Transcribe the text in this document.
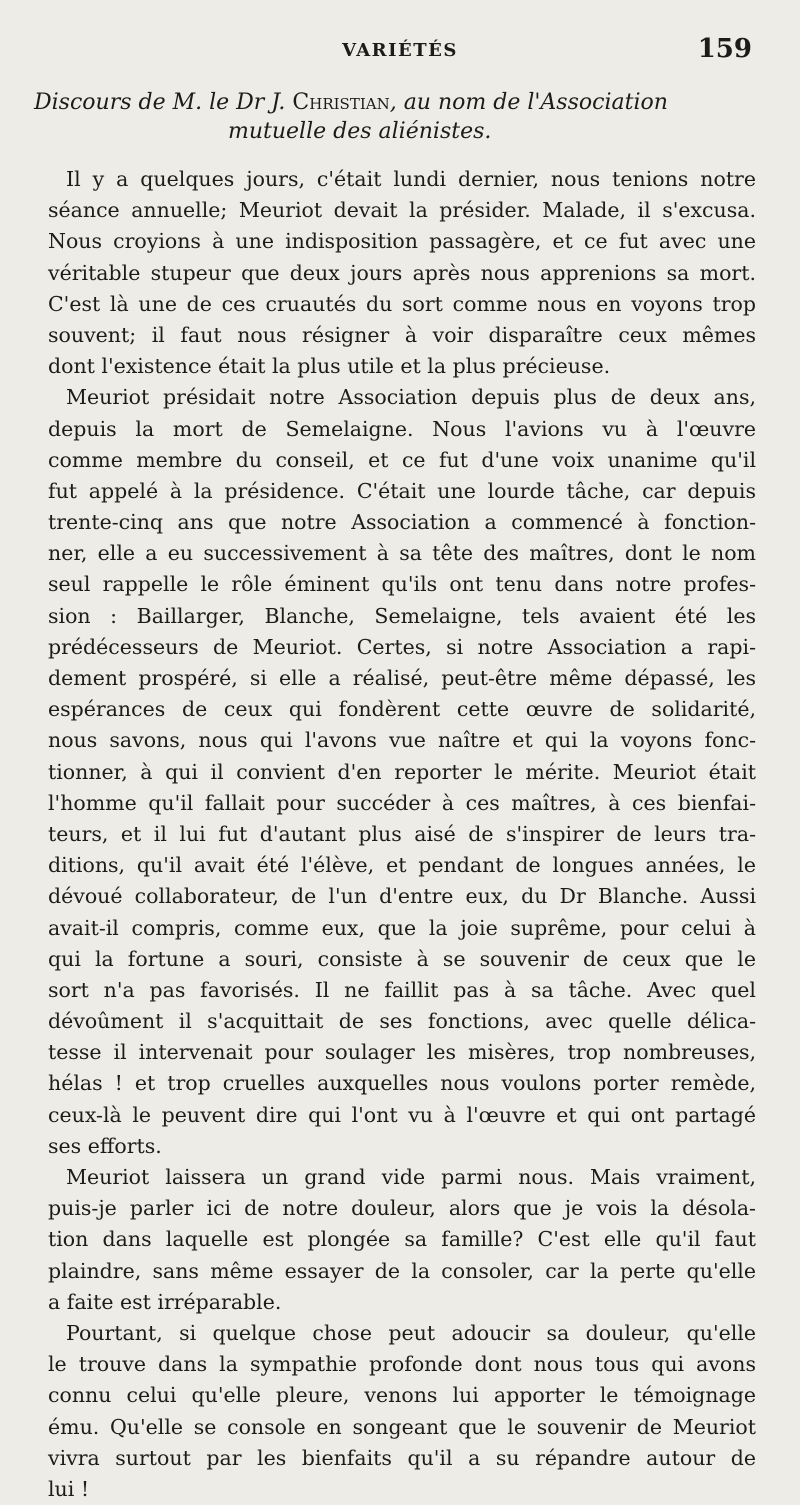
VARIÉTÉS	159
Discours de M. le Dr J. Christian, au nom de l'Association
mutuelle des aliénistes.
Il y a quelques jours, c'était lundi dernier, nous tenions notre
séance annuelle; Meuriot devait la présider. Malade, il s'excusa.
Nous croyions à une indisposition passagère, et ce fut avec une
véritable stupeur que deux jours après nous apprenions sa mort.
C'est là une de ces cruautés du sort comme nous en voyons trop
souvent; il faut nous résigner à voir disparaître ceux mêmes
dont l'existence était la plus utile et la plus précieuse.
Meuriot présidait notre Association depuis plus de deux ans,
depuis la mort de Semelaigne. Nous l'avions vu à l'œuvre
comme membre du conseil, et ce fut d'une voix unanime qu'il
fut appelé à la présidence. C'était une lourde tâche, car depuis
trente-cinq ans que notre Association a commencé à fonction-
ner, elle a eu successivement à sa tête des maîtres, dont le nom
seul rappelle le rôle éminent qu'ils ont tenu dans notre profes-
sion : Baillarger, Blanche, Semelaigne, tels avaient été les
prédécesseurs de Meuriot. Certes, si notre Association a rapi-
dement prospéré, si elle a réalisé, peut-être même dépassé, les
espérances de ceux qui fondèrent cette œuvre de solidarité,
nous savons, nous qui l'avons vue naître et qui la voyons fonc-
tionner, à qui il convient d'en reporter le mérite. Meuriot était
l'homme qu'il fallait pour succéder à ces maîtres, à ces bienfai-
teurs, et il lui fut d'autant plus aisé de s'inspirer de leurs tra-
ditions, qu'il avait été l'élève, et pendant de longues années, le
dévoué collaborateur, de l'un d'entre eux, du Dr Blanche. Aussi
avait-il compris, comme eux, que la joie suprême, pour celui à
qui la fortune a souri, consiste à se souvenir de ceux que le
sort n'a pas favorisés. Il ne faillit pas à sa tâche. Avec quel
dévoûment il s'acquittait de ses fonctions, avec quelle délica-
tesse il intervenait pour soulager les misères, trop nombreuses,
hélas ! et trop cruelles auxquelles nous voulons porter remède,
ceux-là le peuvent dire qui l'ont vu à l'œuvre et qui ont partagé
ses efforts.
Meuriot laissera un grand vide parmi nous. Mais vraiment,
puis-je parler ici de notre douleur, alors que je vois la désola-
tion dans laquelle est plongée sa famille? C'est elle qu'il faut
plaindre, sans même essayer de la consoler, car la perte qu'elle
a faite est irréparable.
Pourtant, si quelque chose peut adoucir sa douleur, qu'elle
le trouve dans la sympathie profonde dont nous tous qui avons
connu celui qu'elle pleure, venons lui apporter le témoignage
ému. Qu'elle se console en songeant que le souvenir de Meuriot
vivra surtout par les bienfaits qu'il a su répandre autour de
lui !
